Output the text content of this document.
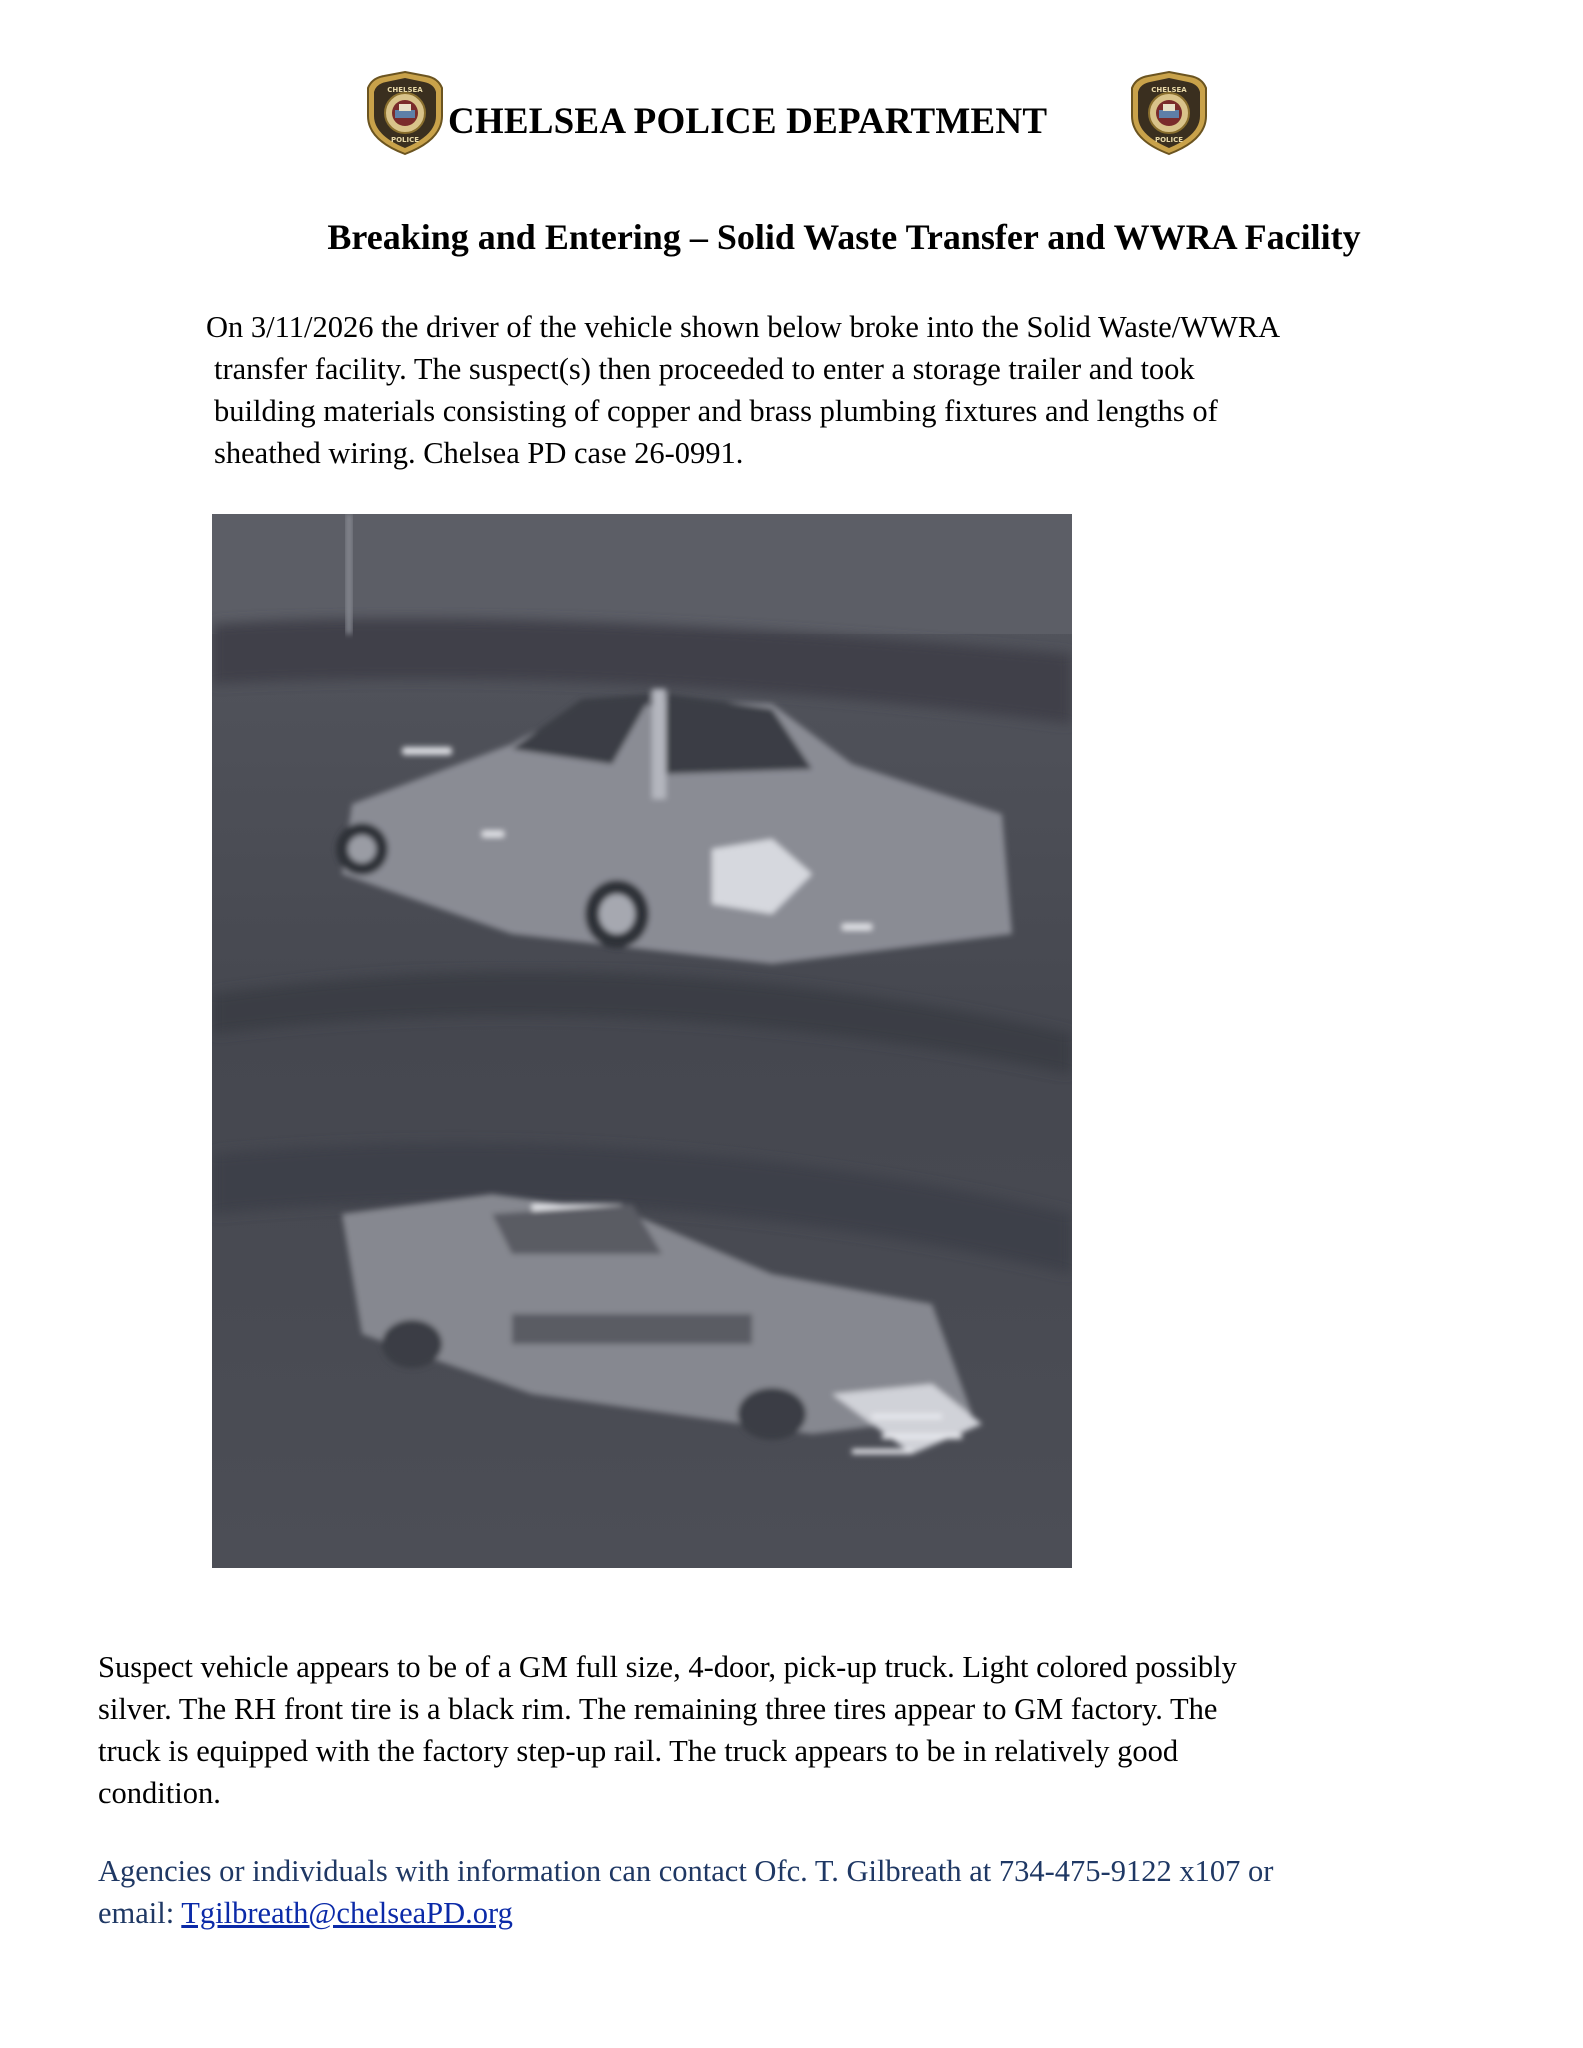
CHELSEA
POLICE CHELSEA POLICE DEPARTMENT
CHELSEA
POLICE
Breaking and Entering – Solid Waste Transfer and WWRA Facility

On 3/11/2026 the driver of the vehicle shown below broke into the Solid Waste/WWRA

transfer facility. The suspect(s) then proceeded to enter a storage trailer and took

building materials consisting of copper and brass plumbing fixtures and lengths of

sheathed wiring. Chelsea PD case 26-0991.

Suspect vehicle appears to be of a GM full size, 4-door, pick-up truck. Light colored possibly

silver. The RH front tire is a black rim. The remaining three tires appear to GM factory. The

truck is equipped with the factory step-up rail. The truck appears to be in relatively good

condition.

Agencies or individuals with information can contact Ofc. T. Gilbreath at 734-475-9122 x107 or

email: Tgilbreath@chelseaPD.org
